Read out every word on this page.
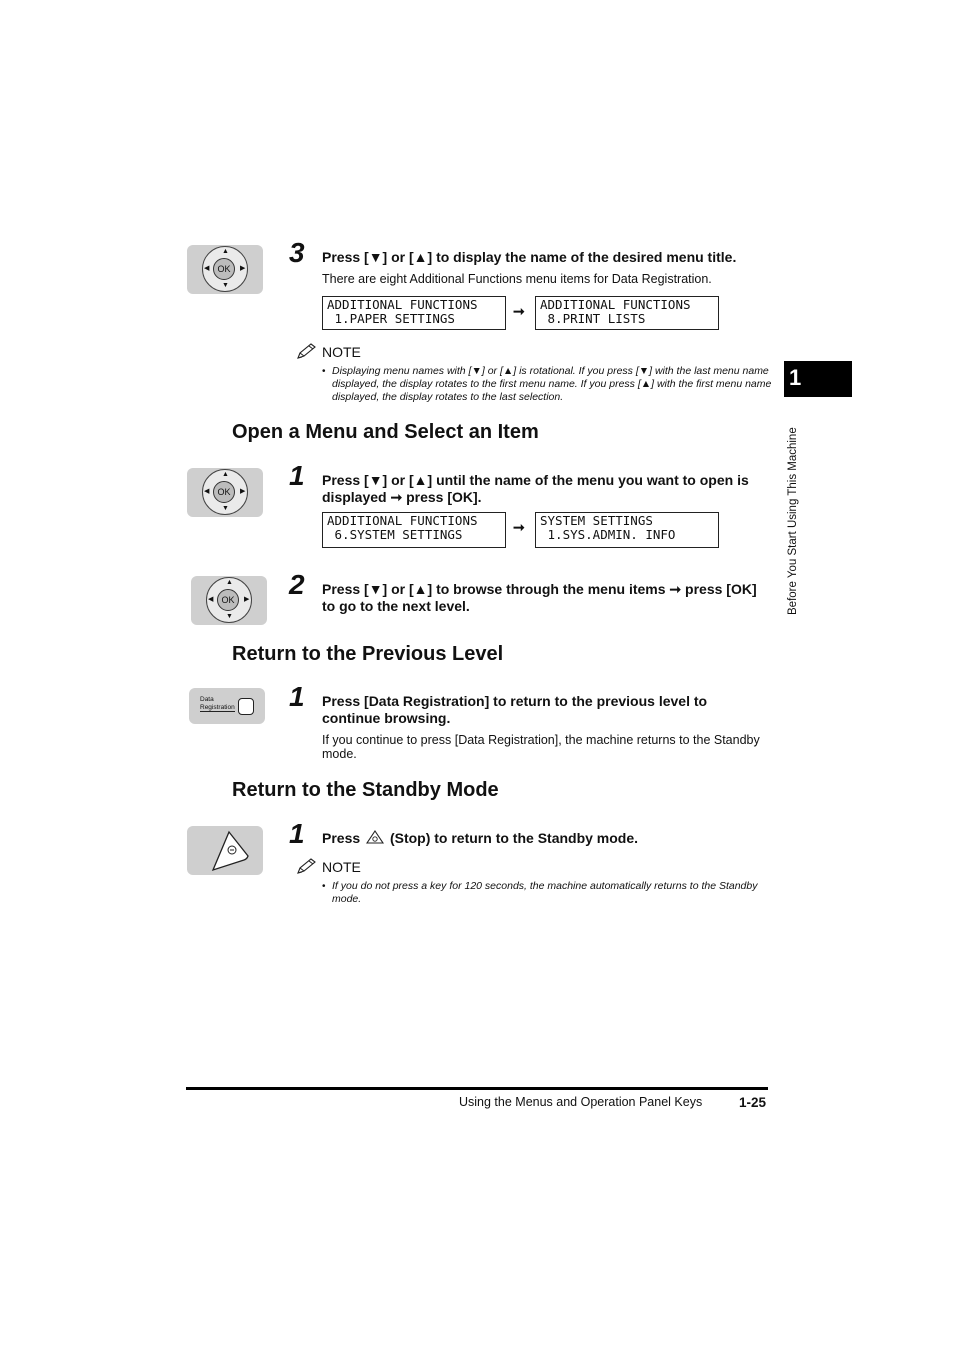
OK
▲
▼
◀	▶
3 Press [▼] or [▲] to display the name of the desired menu title.
There are eight Additional Functions menu items for Data Registration.
ADDITIONAL FUNCTIONS
1.PAPER SETTINGS	➞	ADDITIONAL FUNCTIONS
8.PRINT LISTS
NOTE
• Displaying menu names with [▼] or [▲] is rotational. If you press [▼] with the last menu name displayed, the display rotates to the first menu name. If you press [▲] with the first menu name displayed, the display rotates to the last selection.
Open a Menu and Select an Item
OK
▲
▼
◀	▶
1 Press [▼] or [▲] until the name of the menu you want to open is displayed ➞ press [OK].
ADDITIONAL FUNCTIONS
6.SYSTEM SETTINGS	➞	SYSTEM SETTINGS
1.SYS.ADMIN. INFO
OK
▲
▼
◀	▶ 2 Press [▼] or [▲] to browse through the menu items ➞ press [OK] to go to the next level.
Return to the Previous Level
Data
Registration 1 Press [Data Registration] to return to the previous level to continue browsing.
If you continue to press [Data Registration], the machine returns to the Standby mode.
Return to the Standby Mode
1 Press (Stop) to return to the Standby mode.
NOTE
• If you do not press a key for 120 seconds, the machine automatically returns to the Standby mode.
1
Before You Start Using This Machine
Using the Menus and Operation Panel Keys	1-25
